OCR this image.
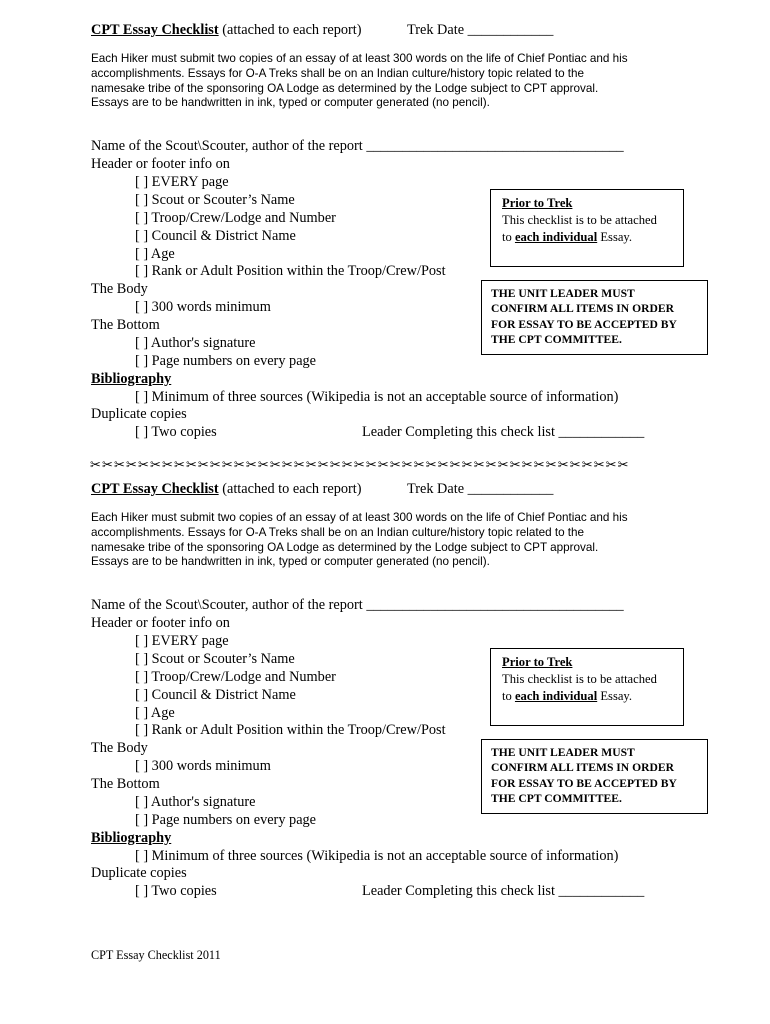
CPT Essay Checklist (attached to each report)	Trek Date ____________
Each Hiker must submit two copies of an essay of at least 300 words on the life of Chief Pontiac and his
accomplishments. Essays for O-A Treks shall be on an Indian culture/history topic related to the
namesake tribe of the sponsoring OA Lodge as determined by the Lodge subject to CPT approval.
Essays are to be handwritten in ink, typed or computer generated (no pencil).
Name of the Scout\Scouter, author of the report ____________________________________
Header or footer info on
[ ] EVERY page
[ ] Scout or Scouter’s Name
[ ] Troop/Crew/Lodge and Number
[ ] Council & District Name
[ ] Age
[ ] Rank or Adult Position within the Troop/Crew/Post
The Body
[ ] 300 words minimum
The Bottom
[ ] Author's signature
[ ] Page numbers on every page
Bibliography
[ ] Minimum of three sources (Wikipedia is not an acceptable source of information)
Duplicate copies
[ ] Two copies	Leader Completing this check list ____________
Prior to Trek
This checklist is to be attached
to each individual Essay.
THE UNIT LEADER MUST
CONFIRM ALL ITEMS IN ORDER
FOR ESSAY TO BE ACCEPTED BY
THE CPT COMMITTEE.
✂✂✂✂✂✂✂✂✂✂✂✂✂✂✂✂✂✂✂✂✂✂✂✂✂✂✂✂✂✂✂✂✂✂✂✂✂✂✂✂✂✂✂✂✂
CPT Essay Checklist (attached to each report)	Trek Date ____________
Each Hiker must submit two copies of an essay of at least 300 words on the life of Chief Pontiac and his
accomplishments. Essays for O-A Treks shall be on an Indian culture/history topic related to the
namesake tribe of the sponsoring OA Lodge as determined by the Lodge subject to CPT approval.
Essays are to be handwritten in ink, typed or computer generated (no pencil).
Name of the Scout\Scouter, author of the report ____________________________________
Header or footer info on
[ ] EVERY page
[ ] Scout or Scouter’s Name
[ ] Troop/Crew/Lodge and Number
[ ] Council & District Name
[ ] Age
[ ] Rank or Adult Position within the Troop/Crew/Post
The Body
[ ] 300 words minimum
The Bottom
[ ] Author's signature
[ ] Page numbers on every page
Bibliography
[ ] Minimum of three sources (Wikipedia is not an acceptable source of information)
Duplicate copies
[ ] Two copies	Leader Completing this check list ____________
Prior to Trek
This checklist is to be attached
to each individual Essay.
THE UNIT LEADER MUST
CONFIRM ALL ITEMS IN ORDER
FOR ESSAY TO BE ACCEPTED BY
THE CPT COMMITTEE.
CPT Essay Checklist 2011
